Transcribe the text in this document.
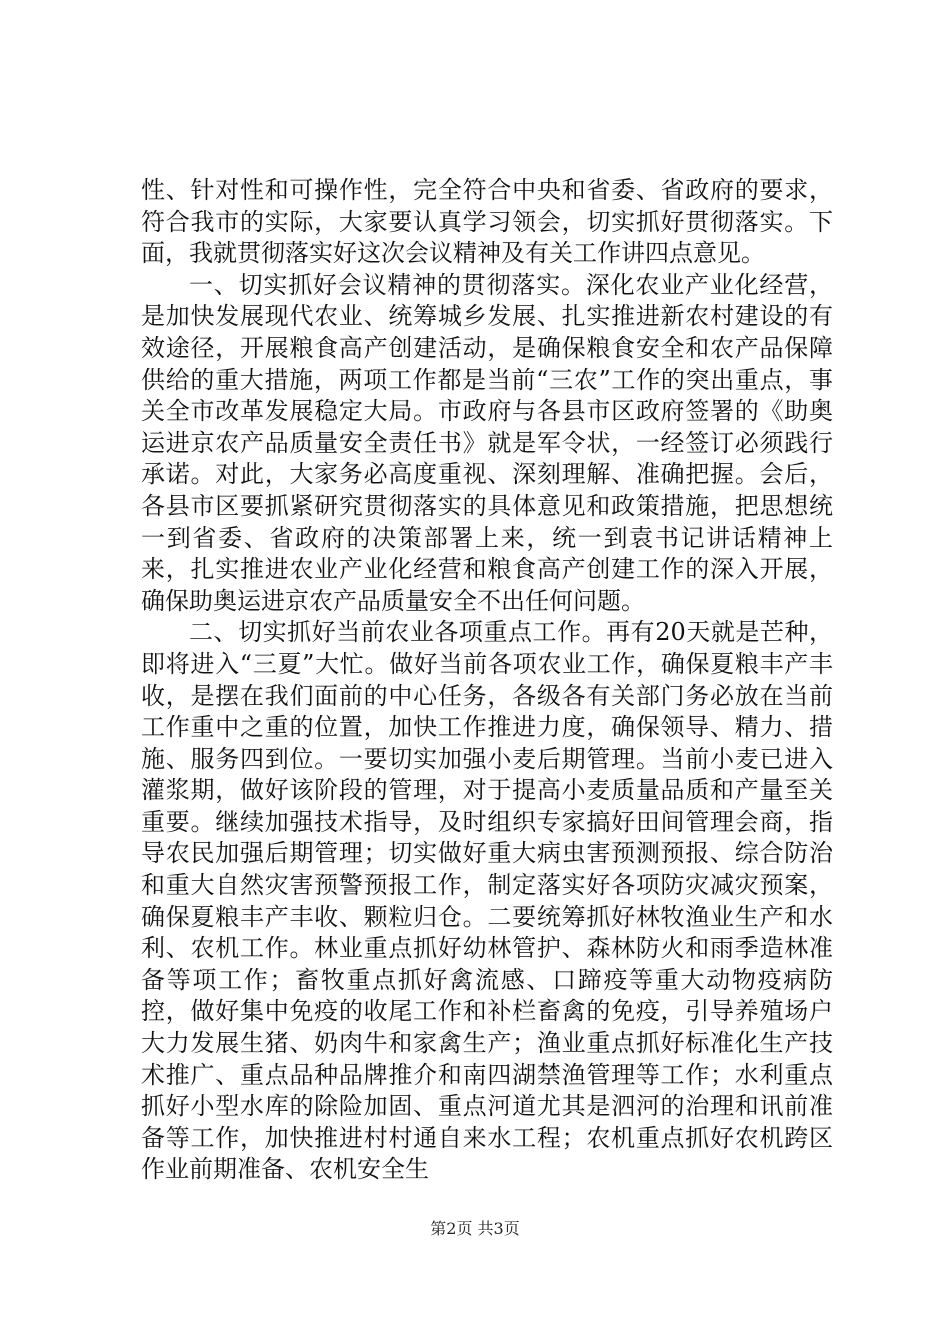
性、针对性和可操作性，完全符合中央和省委、省政府的要求，符合我市的实际，大家要认真学习领会，切实抓好贯彻落实。下面，我就贯彻落实好这次会议精神及有关工作讲四点意见。

一、切实抓好会议精神的贯彻落实。深化农业产业化经营，是加快发展现代农业、统筹城乡发展、扎实推进新农村建设的有效途径，开展粮食高产创建活动，是确保粮食安全和农产品保障供给的重大措施，两项工作都是当前“三农”工作的突出重点，事关全市改革发展稳定大局。市政府与各县市区政府签署的《助奥运进京农产品质量安全责任书》就是军令状，一经签订必须践行承诺。对此，大家务必高度重视、深刻理解、准确把握。会后，各县市区要抓紧研究贯彻落实的具体意见和政策措施，把思想统一到省委、省政府的决策部署上来，统一到袁书记讲话精神上来，扎实推进农业产业化经营和粮食高产创建工作的深入开展，确保助奥运进京农产品质量安全不出任何问题。

二、切实抓好当前农业各项重点工作。再有20天就是芒种，即将进入“三夏”大忙。做好当前各项农业工作，确保夏粮丰产丰收，是摆在我们面前的中心任务，各级各有关部门务必放在当前工作重中之重的位置，加快工作推进力度，确保领导、精力、措施、服务四到位。一要切实加强小麦后期管理。当前小麦已进入灌浆期，做好该阶段的管理，对于提高小麦质量品质和产量至关重要。继续加强技术指导，及时组织专家搞好田间管理会商，指导农民加强后期管理；切实做好重大病虫害预测预报、综合防治和重大自然灾害预警预报工作，制定落实好各项防灾减灾预案，确保夏粮丰产丰收、颗粒归仓。二要统筹抓好林牧渔业生产和水利、农机工作。林业重点抓好幼林管护、森林防火和雨季造林准备等项工作；畜牧重点抓好禽流感、口蹄疫等重大动物疫病防控，做好集中免疫的收尾工作和补栏畜禽的免疫，引导养殖场户大力发展生猪、奶肉牛和家禽生产；渔业重点抓好标准化生产技术推广、重点品种品牌推介和南四湖禁渔管理等工作；水利重点抓好小型水库的除险加固、重点河道尤其是泗河的治理和讯前准备等工作，加快推进村村通自来水工程；农机重点抓好农机跨区作业前期准备、农机安全生

第2页 共3页
